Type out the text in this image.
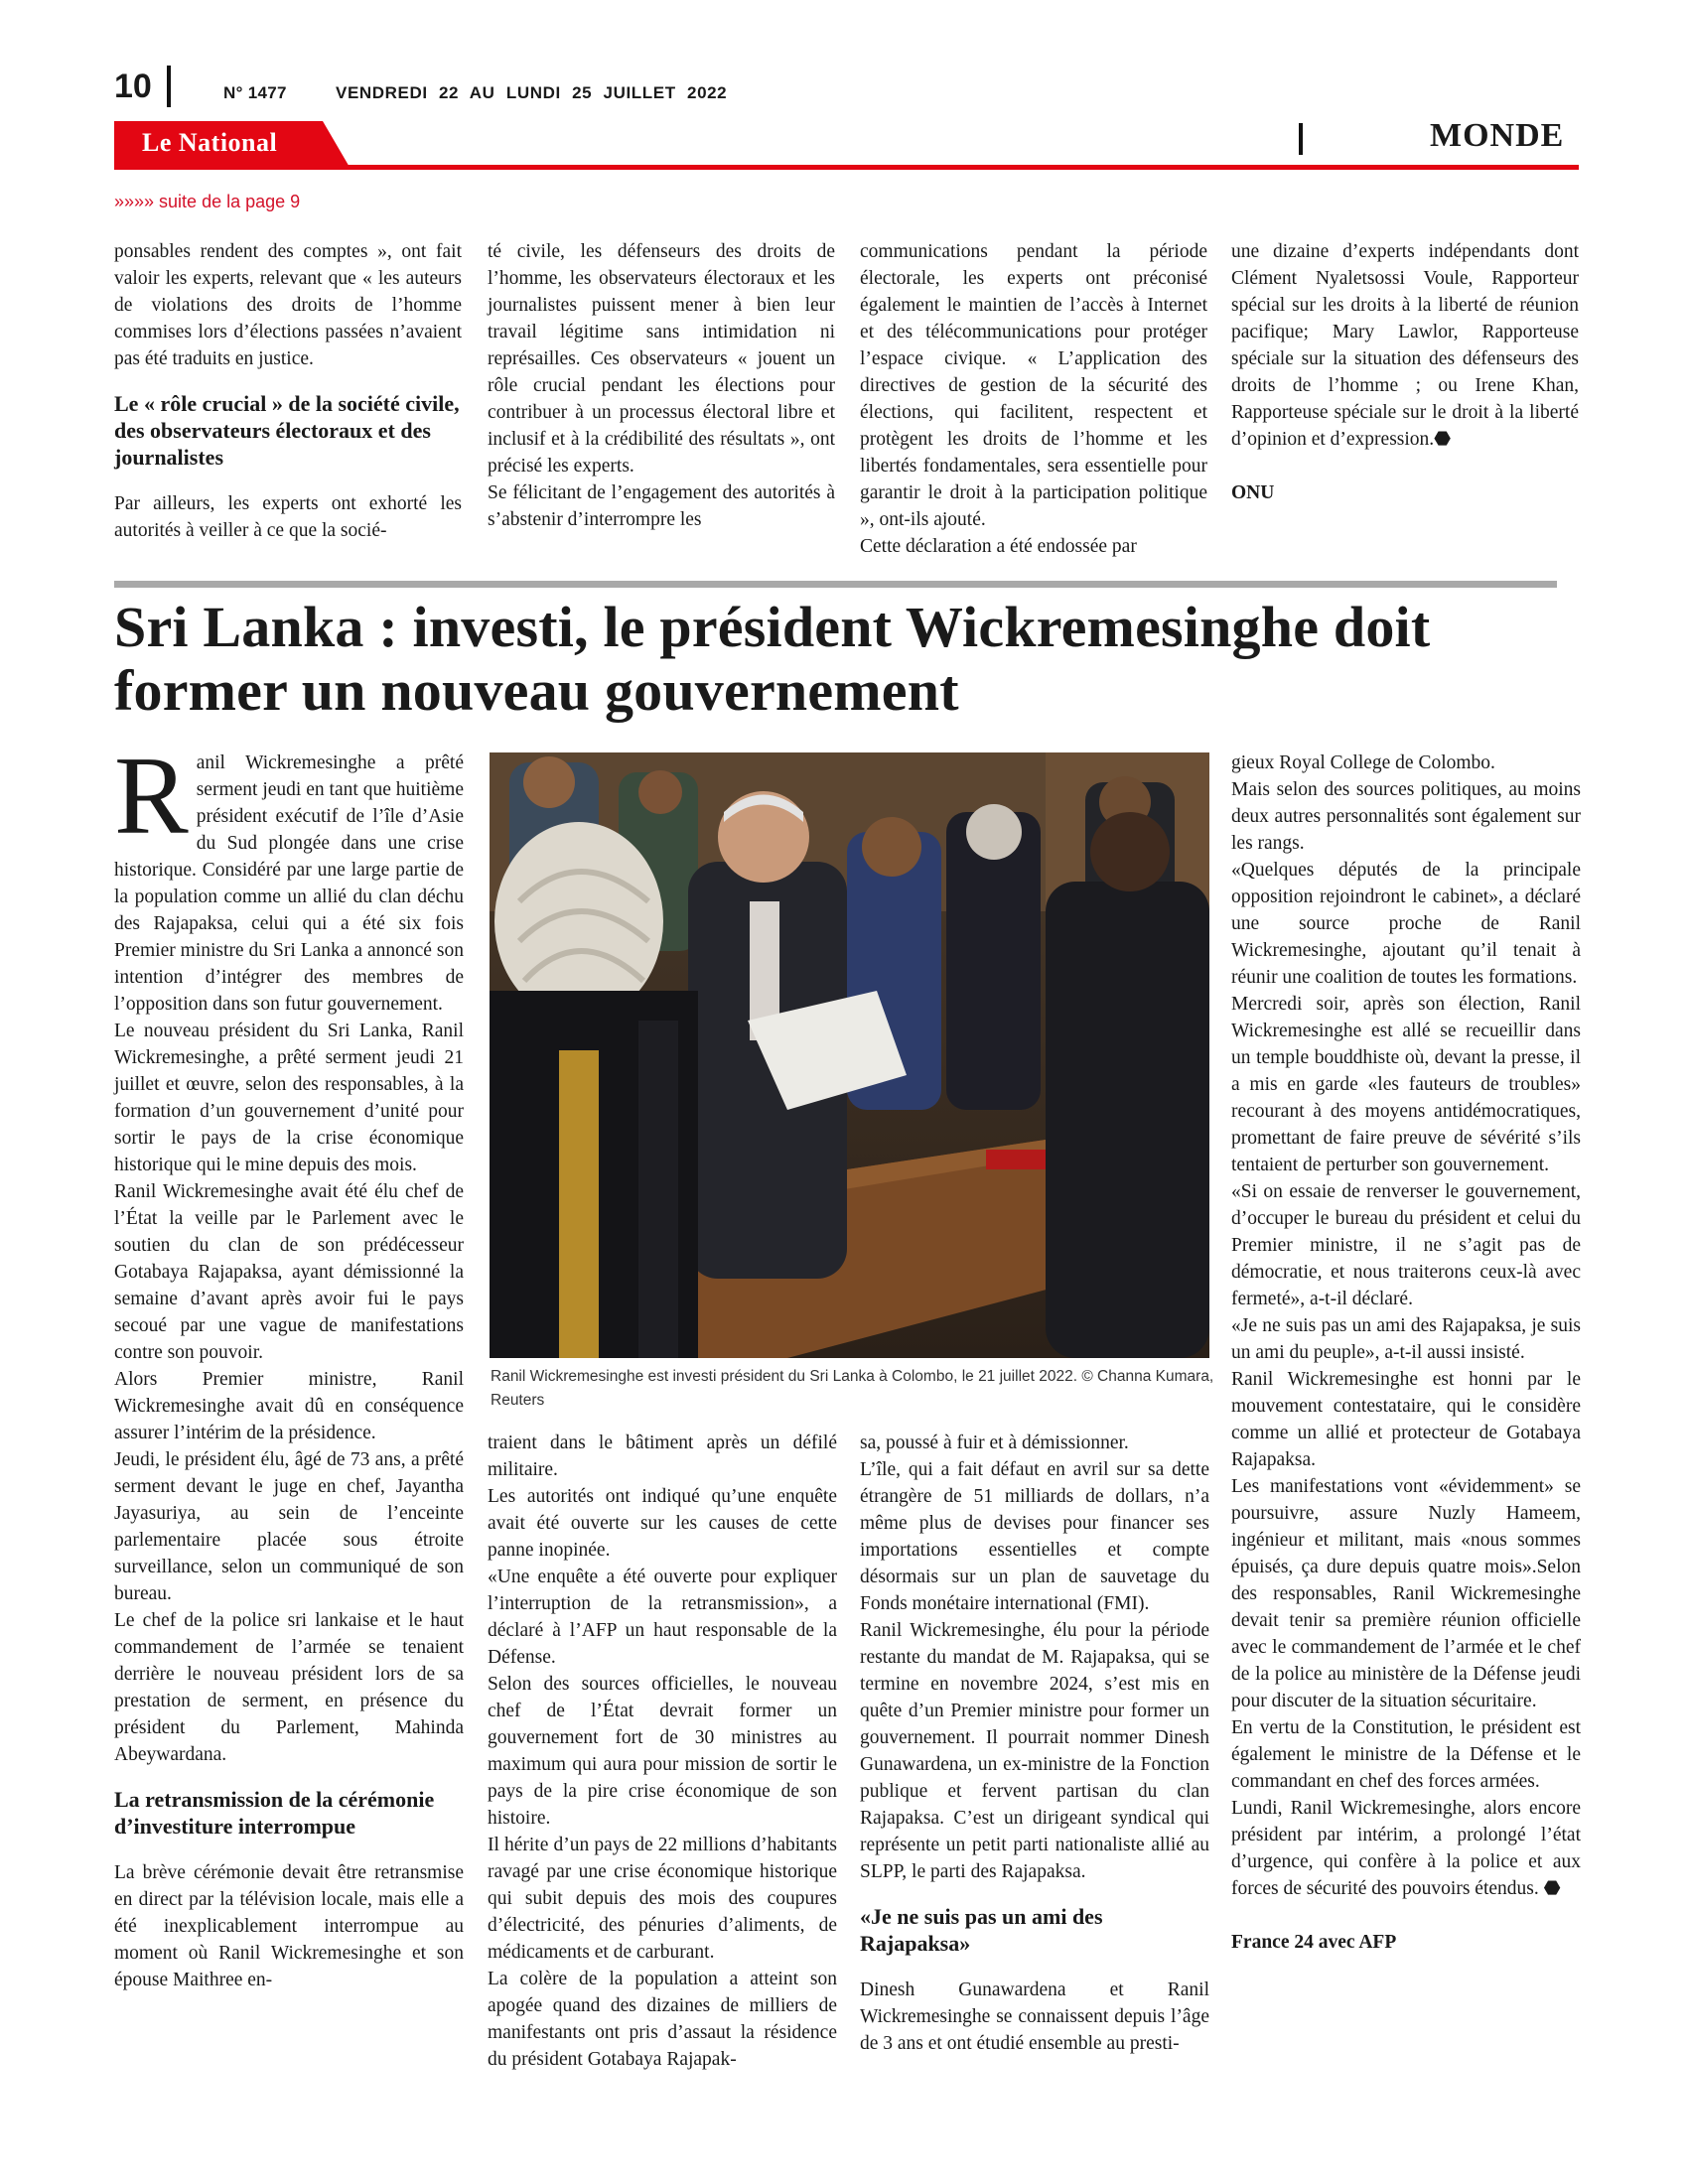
10	N° 1477	VENDREDI 22 AU LUNDI 25 JUILLET 2022
Le National	MONDE
»»»» suite de la page 9

ponsables rendent des comptes », ont fait valoir les experts, relevant que « les auteurs de violations des droits de l’homme commises lors d’élections passées n’avaient pas été traduits en justice.

Le « rôle crucial » de la société civile, des observateurs électoraux et des journalistes

Par ailleurs, les experts ont exhorté les autorités à veiller à ce que la socié-

té civile, les défenseurs des droits de l’homme, les observateurs électoraux et les journalistes puissent mener à bien leur travail légitime sans intimidation ni représailles. Ces observateurs « jouent un rôle crucial pendant les élections pour contribuer à un processus électoral libre et inclusif et à la crédibilité des résultats », ont précisé les experts.

Se félicitant de l’engagement des autorités à s’abstenir d’interrompre les

communications pendant la période électorale, les experts ont préconisé également le maintien de l’accès à Internet et des télécommunications pour protéger l’espace civique. « L’application des directives de gestion de la sécurité des élections, qui facilitent, respectent et protègent les droits de l’homme et les libertés fondamentales, sera essentielle pour garantir le droit à la participation politique », ont-ils ajouté.

Cette déclaration a été endossée par

une dizaine d’experts indépendants dont Clément Nyaletsossi Voule, Rapporteur spécial sur les droits à la liberté de réunion pacifique; Mary Lawlor, Rapporteuse spéciale sur la situation des défenseurs des droits de l’homme ; ou Irene Khan, Rapporteuse spéciale sur le droit à la liberté d’opinion et d’expression.⬣

ONU

Sri Lanka : investi, le président Wickremesinghe doit former un nouveau gouvernement

Ranil Wickremesinghe a prêté serment jeudi en tant que huitième président exécutif de l’île d’Asie du Sud plongée dans une crise historique. Considéré par une large partie de la population comme un allié du clan déchu des Rajapaksa, celui qui a été six fois Premier ministre du Sri Lanka a annoncé son intention d’intégrer des membres de l’opposition dans son futur gouvernement.

Le nouveau président du Sri Lanka, Ranil Wickremesinghe, a prêté serment jeudi 21 juillet et œuvre, selon des responsables, à la formation d’un gouvernement d’unité pour sortir le pays de la crise économique historique qui le mine depuis des mois.

Ranil Wickremesinghe avait été élu chef de l’État la veille par le Parlement avec le soutien du clan de son prédécesseur Gotabaya Rajapaksa, ayant démissionné la semaine d’avant après avoir fui le pays secoué par une vague de manifestations contre son pouvoir.

Alors Premier ministre, Ranil Wickremesinghe avait dû en conséquence assurer l’intérim de la présidence.

Jeudi, le président élu, âgé de 73 ans, a prêté serment devant le juge en chef, Jayantha Jayasuriya, au sein de l’enceinte parlementaire placée sous étroite surveillance, selon un communiqué de son bureau.

Le chef de la police sri lankaise et le haut commandement de l’armée se tenaient derrière le nouveau président lors de sa prestation de serment, en présence du président du Parlement, Mahinda Abeywardana.

La retransmission de la cérémonie d’investiture interrompue

La brève cérémonie devait être retransmise en direct par la télévision locale, mais elle a été inexplicablement interrompue au moment où Ranil Wickremesinghe et son épouse Maithree en-

Ranil Wickremesinghe est investi président du Sri Lanka à Colombo, le 21 juillet 2022. © Channa Kumara, Reuters

traient dans le bâtiment après un défilé militaire.

Les autorités ont indiqué qu’une enquête avait été ouverte sur les causes de cette panne inopinée.

«Une enquête a été ouverte pour expliquer l’interruption de la retransmission», a déclaré à l’AFP un haut responsable de la Défense.

Selon des sources officielles, le nouveau chef de l’État devrait former un gouvernement fort de 30 ministres au maximum qui aura pour mission de sortir le pays de la pire crise économique de son histoire.

Il hérite d’un pays de 22 millions d’habitants ravagé par une crise économique historique qui subit depuis des mois des coupures d’électricité, des pénuries d’aliments, de médicaments et de carburant.

La colère de la population a atteint son apogée quand des dizaines de milliers de manifestants ont pris d’assaut la résidence du président Gotabaya Rajapak-

sa, poussé à fuir et à démissionner.

L’île, qui a fait défaut en avril sur sa dette étrangère de 51 milliards de dollars, n’a même plus de devises pour financer ses importations essentielles et compte désormais sur un plan de sauvetage du Fonds monétaire international (FMI).

Ranil Wickremesinghe, élu pour la période restante du mandat de M. Rajapaksa, qui se termine en novembre 2024, s’est mis en quête d’un Premier ministre pour former un gouvernement. Il pourrait nommer Dinesh Gunawardena, un ex-ministre de la Fonction publique et fervent partisan du clan Rajapaksa. C’est un dirigeant syndical qui représente un petit parti nationaliste allié au SLPP, le parti des Rajapaksa.

«Je ne suis pas un ami des Rajapaksa»

Dinesh Gunawardena et Ranil Wickremesinghe se connaissent depuis l’âge de 3 ans et ont étudié ensemble au presti-

gieux Royal College de Colombo.

Mais selon des sources politiques, au moins deux autres personnalités sont également sur les rangs.

«Quelques députés de la principale opposition rejoindront le cabinet», a déclaré une source proche de Ranil Wickremesinghe, ajoutant qu’il tenait à réunir une coalition de toutes les formations.

Mercredi soir, après son élection, Ranil Wickremesinghe est allé se recueillir dans un temple bouddhiste où, devant la presse, il a mis en garde «les fauteurs de troubles» recourant à des moyens antidémocratiques, promettant de faire preuve de sévérité s’ils tentaient de perturber son gouvernement.

«Si on essaie de renverser le gouvernement, d’occuper le bureau du président et celui du Premier ministre, il ne s’agit pas de démocratie, et nous traiterons ceux-là avec fermeté», a-t-il déclaré.

«Je ne suis pas un ami des Rajapaksa, je suis un ami du peuple», a-t-il aussi insisté.

Ranil Wickremesinghe est honni par le mouvement contestataire, qui le considère comme un allié et protecteur de Gotabaya Rajapaksa.

Les manifestations vont «évidemment» se poursuivre, assure Nuzly Hameem, ingénieur et militant, mais «nous sommes épuisés, ça dure depuis quatre mois».Selon des responsables, Ranil Wickremesinghe devait tenir sa première réunion officielle avec le commandement de l’armée et le chef de la police au ministère de la Défense jeudi pour discuter de la situation sécuritaire.

En vertu de la Constitution, le président est également le ministre de la Défense et le commandant en chef des forces armées.

Lundi, Ranil Wickremesinghe, alors encore président par intérim, a prolongé l’état d’urgence, qui confère à la police et aux forces de sécurité des pouvoirs étendus. ⬣

France 24 avec AFP
